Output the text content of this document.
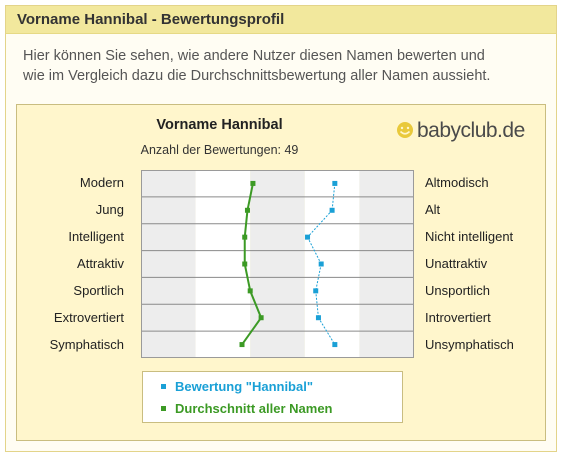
Vorname Hannibal - Bewertungsprofil
Hier können Sie sehen, wie andere Nutzer diesen Namen bewerten und
wie im Vergleich dazu die Durchschnittsbewertung aller Namen aussieht.
Vorname Hannibal
Anzahl der Bewertungen: 49
babyclub.de
Bewertung "Hannibal"
Durchschnitt aller Namen
Modern
Jung
Intelligent
Attraktiv
Sportlich
Extrovertiert
Symphatisch
Altmodisch
Alt
Nicht intelligent
Unattraktiv
Unsportlich
Introvertiert
Unsymphatisch
